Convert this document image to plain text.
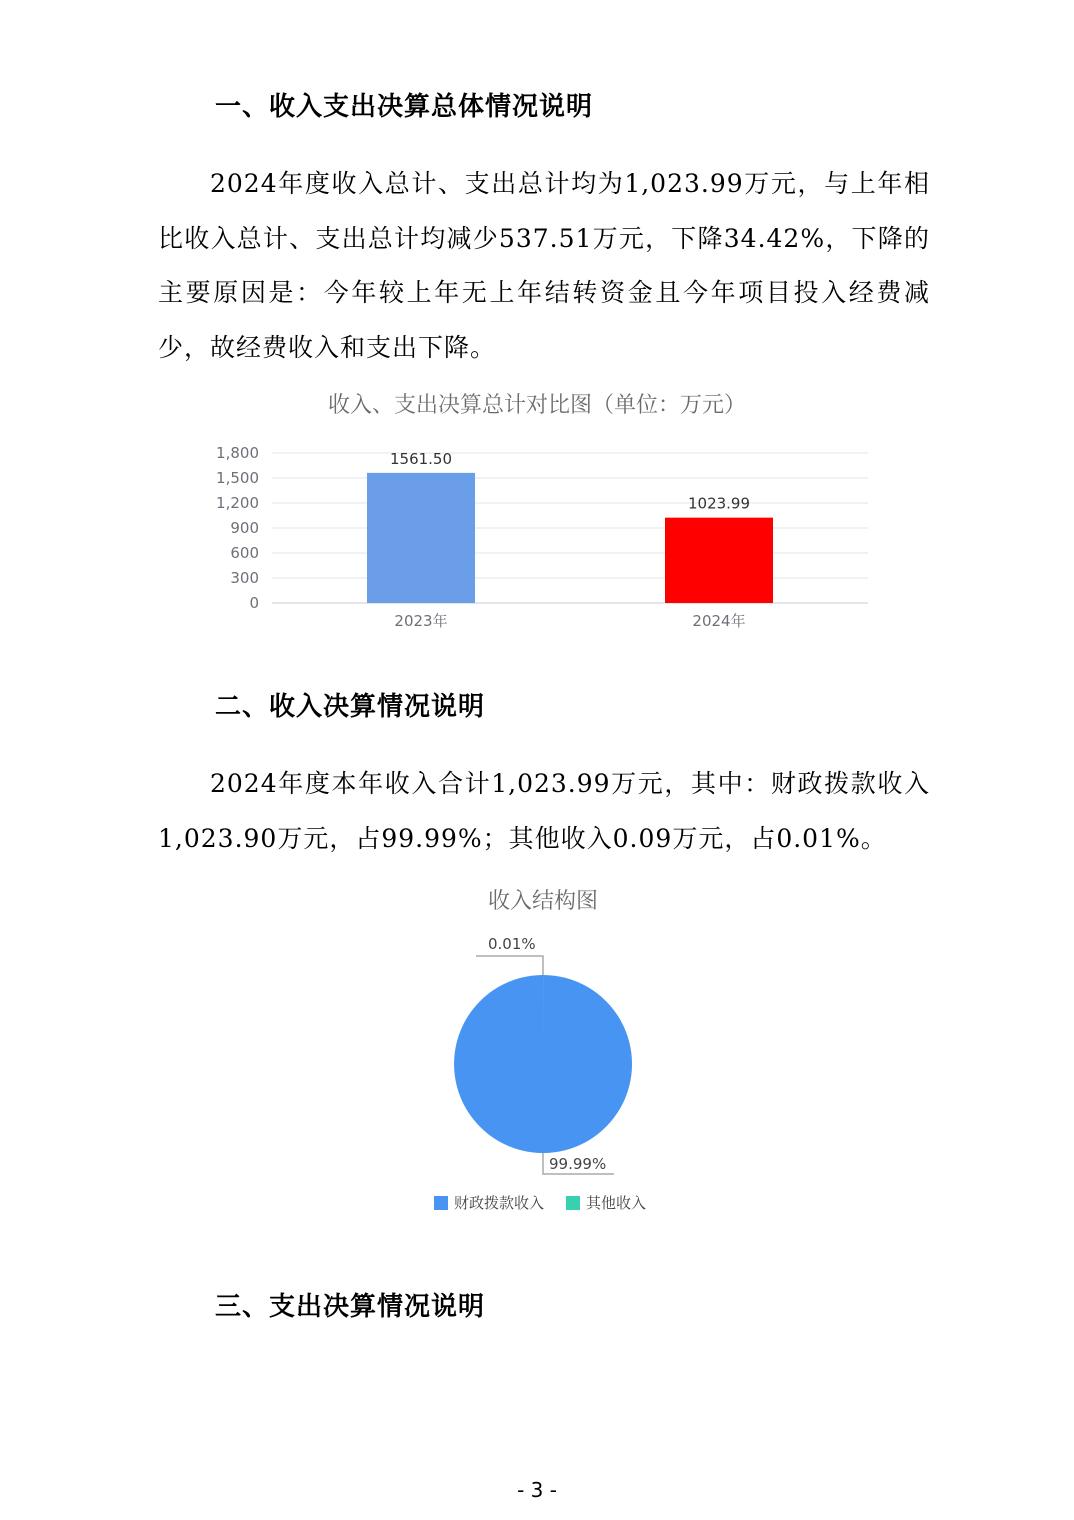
一、收入支出决算总体情况说明
2024年度收入总计、支出总计均为1,023.99万元，与上年相比收入总计、支出总计均减少537.51万元，下降34.42%，下降的主要原因是：今年较上年无上年结转资金且今年项目投入经费减少，故经费收入和支出下降。
收入、支出决算总计对比图（单位：万元）
0
300
600
900
1,200
1,500
1,800	1561.50
1023.99
2023年	2024年
二、收入决算情况说明
2024年度本年收入合计1,023.99万元，其中：财政拨款收入1,023.90万元，占99.99%；其他收入0.09万元，占0.01%。
收入结构图
0.01%
99.99%
财政拨款收入	其他收入
三、支出决算情况说明
- 3 -
